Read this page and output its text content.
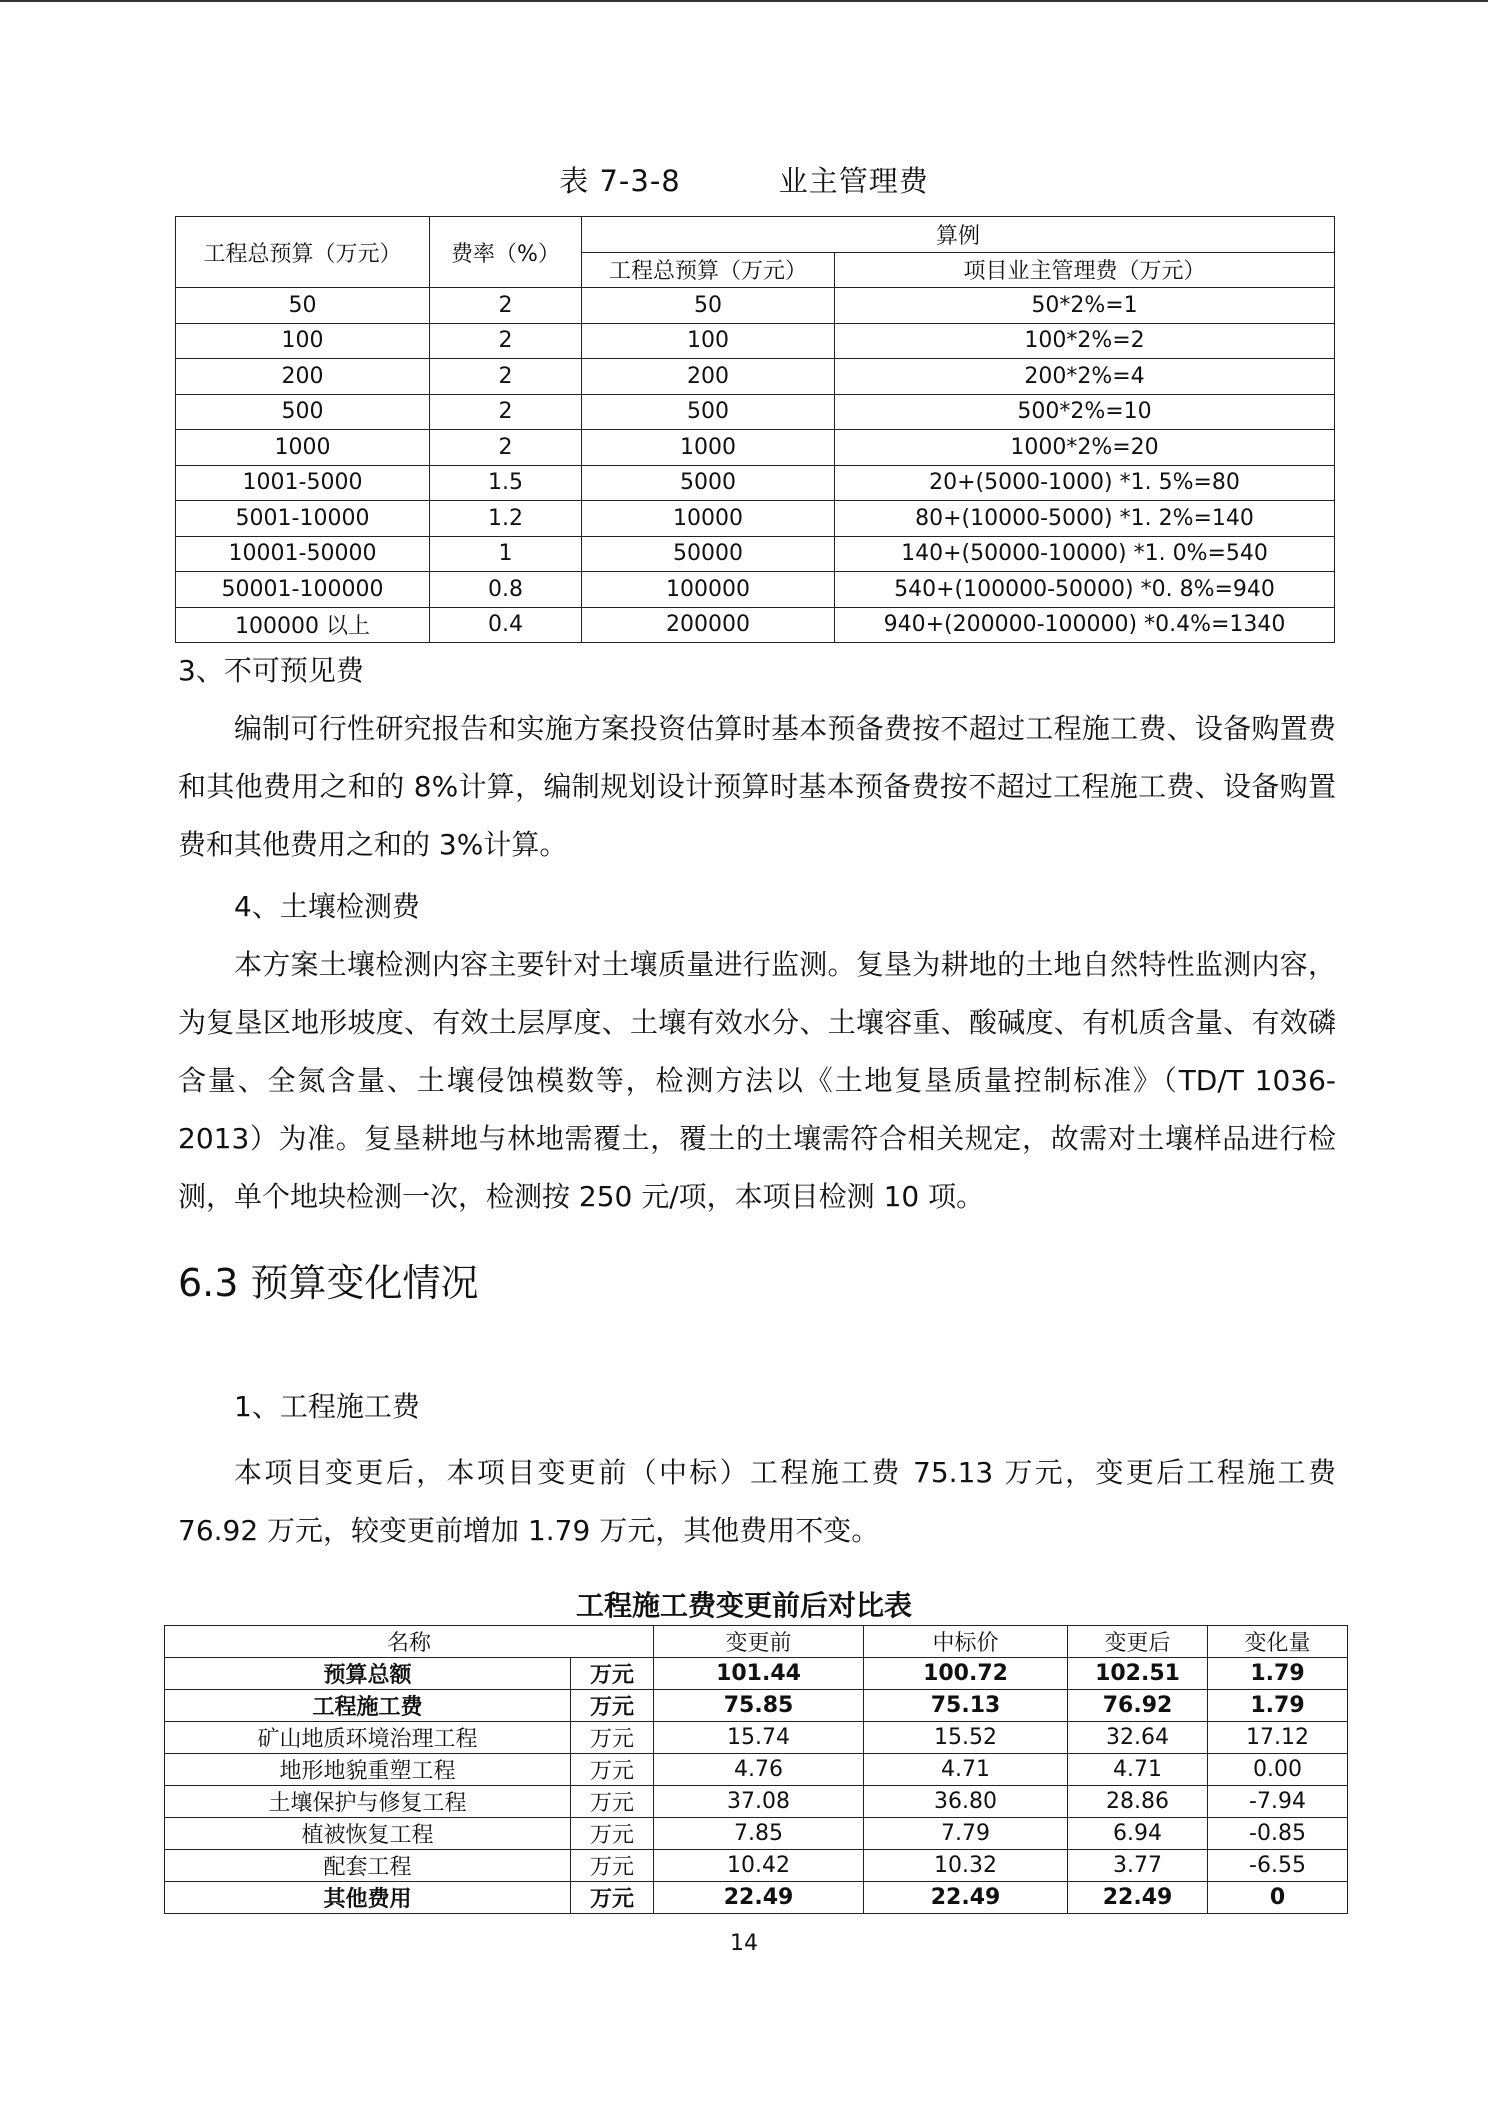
表 7-3-8	业主管理费
工程总预算（万元）	费率（%）	算例	
		工程总预算（万元）	项目业主管理费（万元）
50	2	50	50*2%=1
100	2	100	100*2%=2
200	2	200	200*2%=4
500	2	500	500*2%=10
1000	2	1000	1000*2%=20
1001-5000	1.5	5000	20+(5000-1000) *1. 5%=80
5001-10000	1.2	10000	80+(10000-5000) *1. 2%=140
10001-50000	1	50000	140+(50000-10000) *1. 0%=540
50001-100000	0.8	100000	540+(100000-50000) *0. 8%=940
100000 以上	0.4	200000	940+(200000-100000) *0.4%=1340

3、不可预见费

编制可行性研究报告和实施方案投资估算时基本预备费按不超过工程施工费、设备购置费和其他费用之和的 8%计算，编制规划设计预算时基本预备费按不超过工程施工费、设备购置费和其他费用之和的 3%计算。

4、土壤检测费

本方案土壤检测内容主要针对土壤质量进行监测。复垦为耕地的土地自然特性监测内容，为复垦区地形坡度、有效土层厚度、土壤有效水分、土壤容重、酸碱度、有机质含量、有效磷含量、全氮含量、土壤侵蚀模数等，检测方法以《土地复垦质量控制标准》（TD/T 1036-2013）为准。复垦耕地与林地需覆土，覆土的土壤需符合相关规定，故需对土壤样品进行检测，单个地块检测一次，检测按 250 元/项，本项目检测 10 项。

6.3 预算变化情况

1、工程施工费

本项目变更后，本项目变更前（中标）工程施工费 75.13 万元，变更后工程施工费 76.92 万元，较变更前增加 1.79 万元，其他费用不变。

工程施工费变更前后对比表
名称		变更前	中标价	变更后	变化量
预算总额	万元	101.44	100.72	102.51	1.79
工程施工费	万元	75.85	75.13	76.92	1.79
矿山地质环境治理工程	万元	15.74	15.52	32.64	17.12
地形地貌重塑工程	万元	4.76	4.71	4.71	0.00
土壤保护与修复工程	万元	37.08	36.80	28.86	-7.94
植被恢复工程	万元	7.85	7.79	6.94	-0.85
配套工程	万元	10.42	10.32	3.77	-6.55
其他费用	万元	22.49	22.49	22.49	0
14
